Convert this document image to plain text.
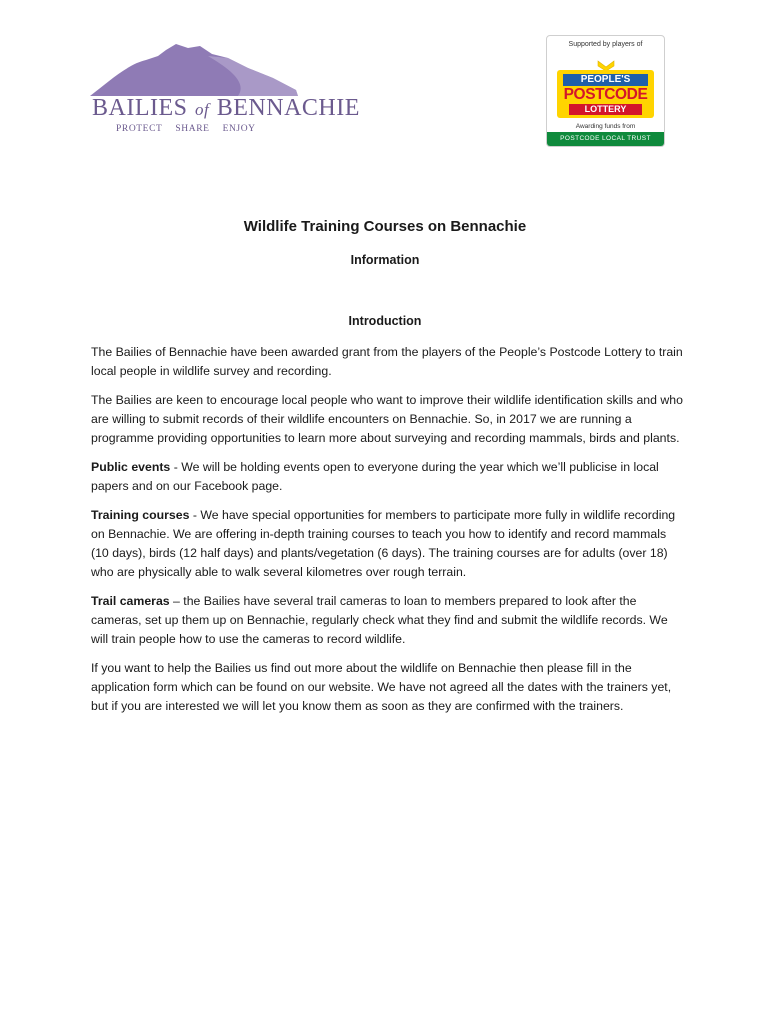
BAILIES of BENNACHIE
PROTECT SHARE ENJOY
Supported by players of
PEOPLE'S
POSTCODE
LOTTERY
Awarding funds from
POSTCODE LOCAL TRUST
Wildlife Training Courses on Bennachie
Information
Introduction

The Bailies of Bennachie have been awarded grant from the players of the People’s Postcode Lottery to train local people in wildlife survey and recording.

The Bailies are keen to encourage local people who want to improve their wildlife identification skills and who are willing to submit records of their wildlife encounters on Bennachie. So, in 2017 we are running a programme providing opportunities to learn more about surveying and recording mammals, birds and plants.

Public events - We will be holding events open to everyone during the year which we’ll publicise in local papers and on our Facebook page.

Training courses - We have special opportunities for members to participate more fully in wildlife recording on Bennachie. We are offering in-depth training courses to teach you how to identify and record mammals (10 days), birds (12 half days) and plants/vegetation (6 days). The training courses are for adults (over 18) who are physically able to walk several kilometres over rough terrain.

Trail cameras – the Bailies have several trail cameras to loan to members prepared to look after the cameras, set up them up on Bennachie, regularly check what they find and submit the wildlife records. We will train people how to use the cameras to record wildlife.

If you want to help the Bailies us find out more about the wildlife on Bennachie then please fill in the application form which can be found on our website. We have not agreed all the dates with the trainers yet, but if you are interested we will let you know them as soon as they are confirmed with the trainers.
